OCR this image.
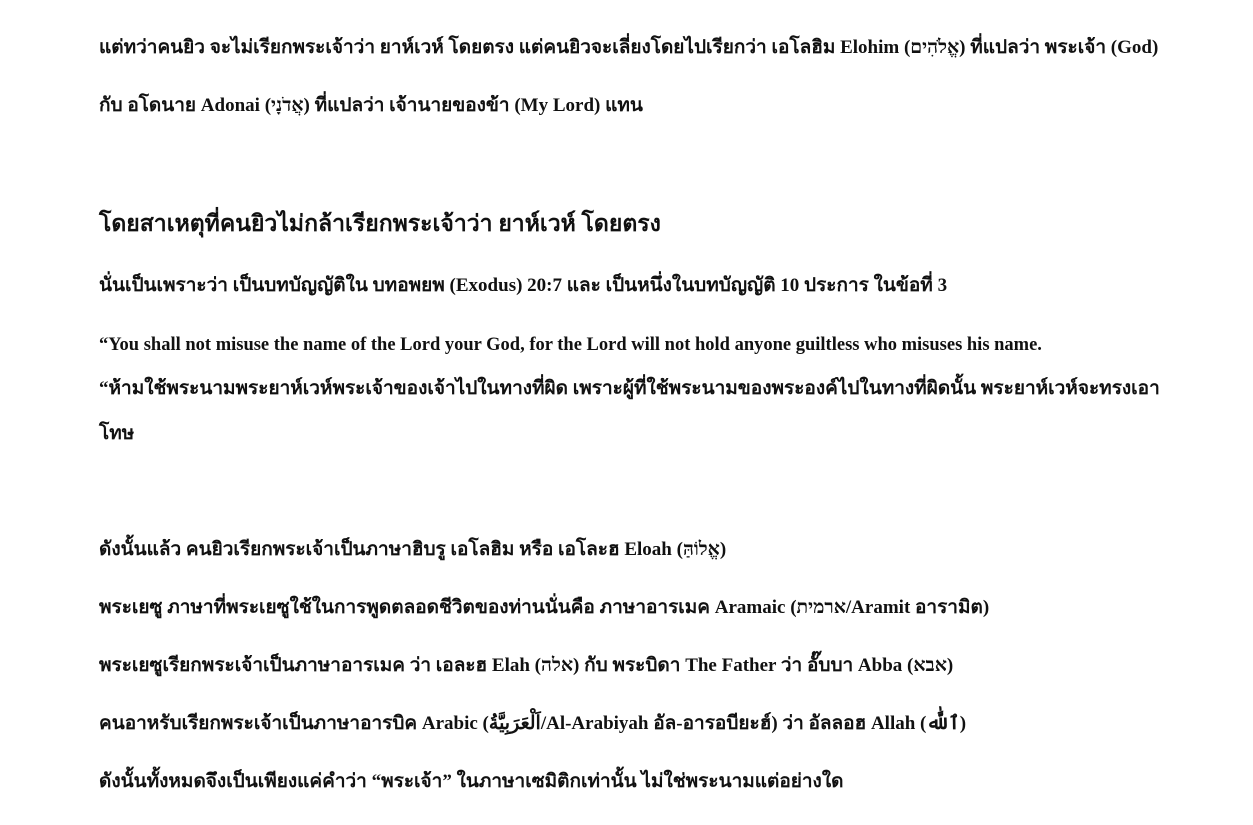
แต่ทว่าคนยิว จะไม่เรียกพระเจ้าว่า ยาห์เวห์ โดยตรง แต่คนยิวจะเลี่ยงโดยไปเรียกว่า เอโลฮิม Elohim (אֱלֹהִים) ที่แปลว่า พระเจ้า (God)
กับ อโดนาย Adonai (אֲדֹנָי) ที่แปลว่า เจ้านายของข้า (My Lord) แทน
โดยสาเหตุที่คนยิวไม่กล้าเรียกพระเจ้าว่า ยาห์เวห์ โดยตรง
นั่นเป็นเพราะว่า เป็นบทบัญญัติใน บทอพยพ (Exodus) 20:7 และ เป็นหนึ่งในบทบัญญัติ 10 ประการ ในข้อที่ 3
“You shall not misuse the name of the Lord your God, for the Lord will not hold anyone guiltless who misuses his name.
“ห้ามใช้พระนามพระยาห์เวห์พระเจ้าของเจ้าไปในทางที่ผิด เพราะผู้ที่ใช้พระนามของพระองค์ไปในทางที่ผิดนั้น พระยาห์เวห์จะทรงเอา
โทษ
ดังนั้นแล้ว คนยิวเรียกพระเจ้าเป็นภาษาฮิบรู เอโลฮิม หรือ เอโละฮ Eloah (אֱלוֹהַּ)
พระเยซู ภาษาที่พระเยซูใช้ในการพูดตลอดชีวิตของท่านนั่นคือ ภาษาอารเมค Aramaic (ארמית/Aramit อารามิต)
พระเยซูเรียกพระเจ้าเป็นภาษาอารเมค ว่า เอละฮ Elah (אלה) กับ พระบิดา The Father ว่า อั๊บบา Abba (אבא)
คนอาหรับเรียกพระเจ้าเป็นภาษาอารบิค Arabic (اَلْعَرَبِيَّةُ/Al-Arabiyah อัล-อารอบียะฮ์) ว่า อัลลอฮ Allah (ٱللَّٰه)
ดังนั้นทั้งหมดจึงเป็นเพียงแค่คำว่า “พระเจ้า” ในภาษาเซมิติกเท่านั้น ไม่ใช่พระนามแต่อย่างใด
